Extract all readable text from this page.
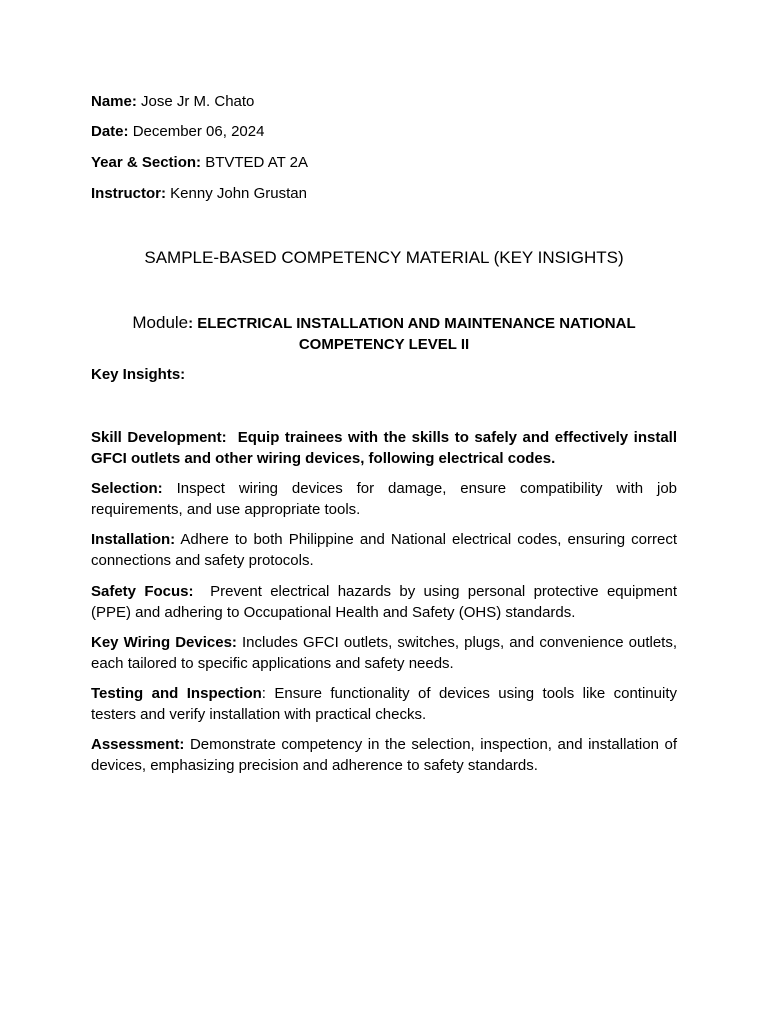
Name: Jose Jr M. Chato
Date: December 06, 2024
Year & Section: BTVTED AT 2A
Instructor: Kenny John Grustan
SAMPLE-BASED COMPETENCY MATERIAL (KEY INSIGHTS)
Module: ELECTRICAL INSTALLATION AND MAINTENANCE NATIONAL COMPETENCY LEVEL II
Key Insights:
Skill Development: Equip trainees with the skills to safely and effectively install GFCI outlets and other wiring devices, following electrical codes.
Selection: Inspect wiring devices for damage, ensure compatibility with job requirements, and use appropriate tools.
Installation: Adhere to both Philippine and National electrical codes, ensuring correct connections and safety protocols.
Safety Focus: Prevent electrical hazards by using personal protective equipment (PPE) and adhering to Occupational Health and Safety (OHS) standards.
Key Wiring Devices: Includes GFCI outlets, switches, plugs, and convenience outlets, each tailored to specific applications and safety needs.
Testing and Inspection: Ensure functionality of devices using tools like continuity testers and verify installation with practical checks.
Assessment: Demonstrate competency in the selection, inspection, and installation of devices, emphasizing precision and adherence to safety standards.
